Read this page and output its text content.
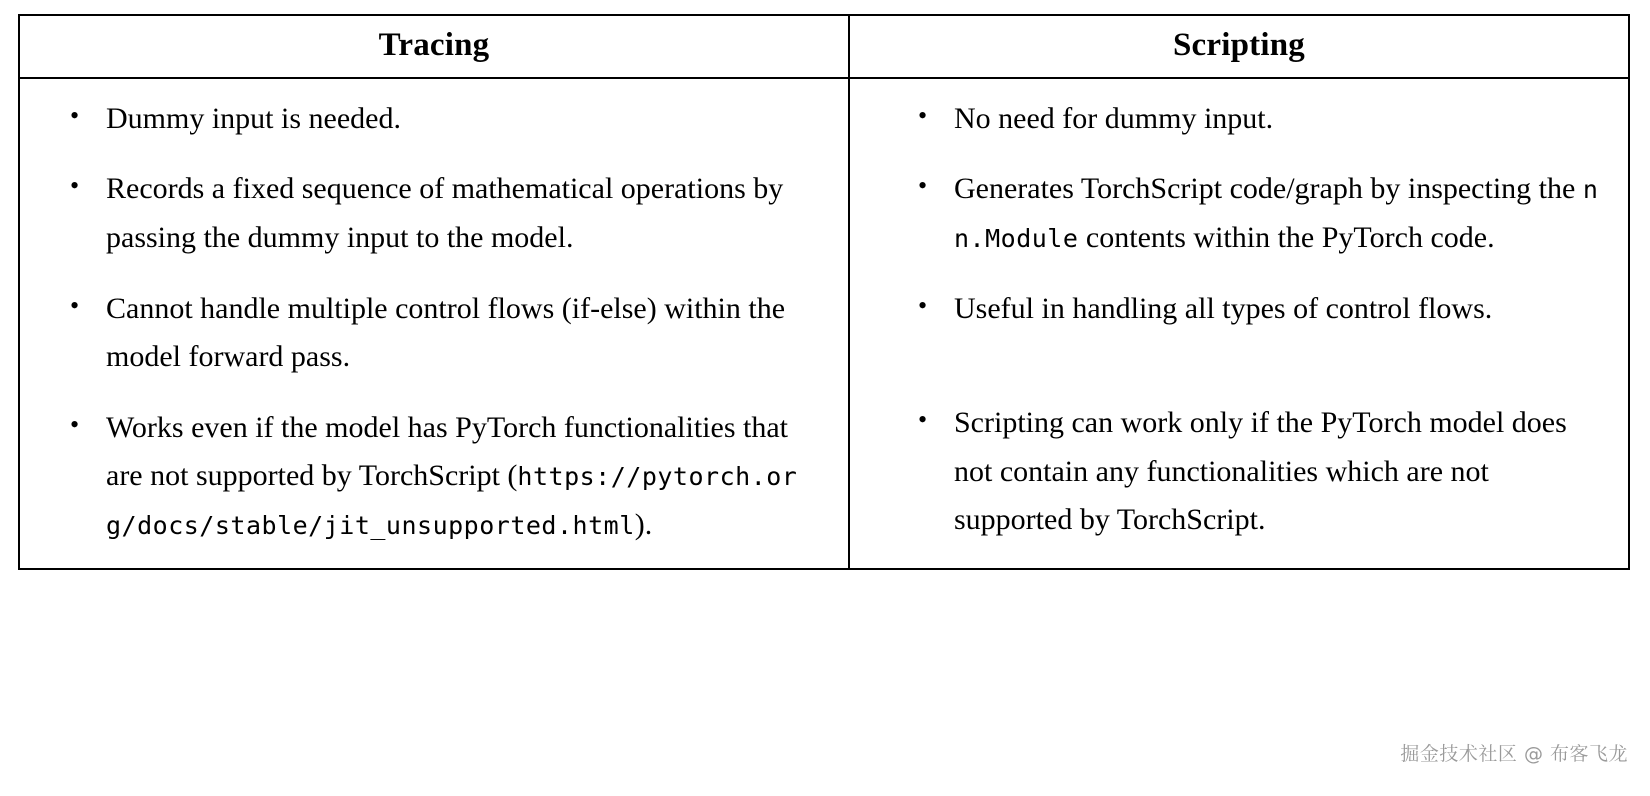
Tracing	Scripting

• Dummy input is needed.
• Records a fixed sequence of mathematical operations by passing the dummy input to the model.
• Cannot handle multiple control flows (if-else) within the model forward pass.
• Works even if the model has PyTorch functionalities that are not supported by TorchScript (https://pytorch.org/docs/stable/jit_unsupported.html).

• No need for dummy input.
• Generates TorchScript code/graph by inspecting the nn.Module contents within the PyTorch code.
• Useful in handling all types of control flows.
• Scripting can work only if the PyTorch model does not contain any functionalities which are not supported by TorchScript.
掘金技术社区 @ 布客飞龙
